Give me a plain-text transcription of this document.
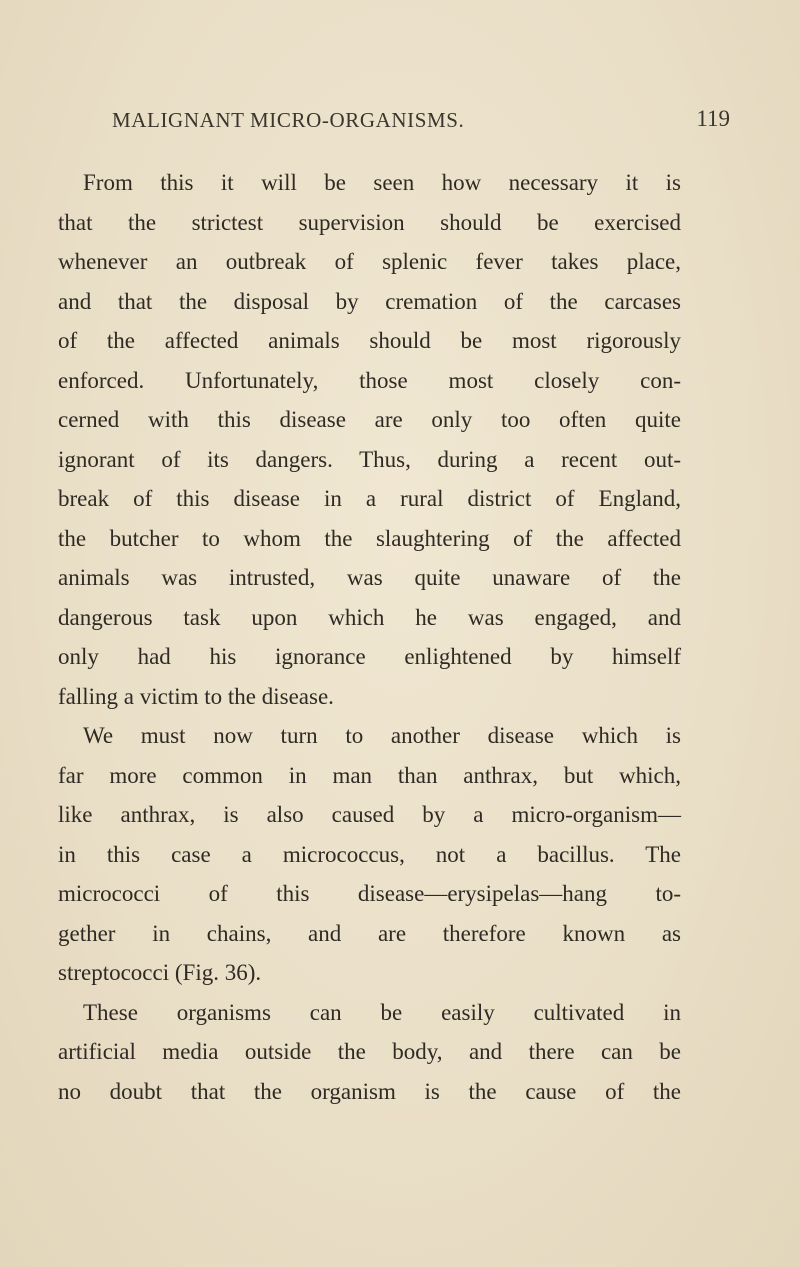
MALIGNANT MICRO-ORGANISMS.	119
From this it will be seen how necessary it is
that the strictest supervision should be exercised
whenever an outbreak of splenic fever takes place,
and that the disposal by cremation of the carcases
of the affected animals should be most rigorously
enforced. Unfortunately, those most closely con-
cerned with this disease are only too often quite
ignorant of its dangers. Thus, during a recent out-
break of this disease in a rural district of England,
the butcher to whom the slaughtering of the affected
animals was intrusted, was quite unaware of the
dangerous task upon which he was engaged, and
only had his ignorance enlightened by himself
falling a victim to the disease.
We must now turn to another disease which is
far more common in man than anthrax, but which,
like anthrax, is also caused by a micro-organism—
in this case a micrococcus, not a bacillus. The
micrococci of this disease—erysipelas—hang to-
gether in chains, and are therefore known as
streptococci (Fig. 36).
These organisms can be easily cultivated in
artificial media outside the body, and there can be
no doubt that the organism is the cause of the
